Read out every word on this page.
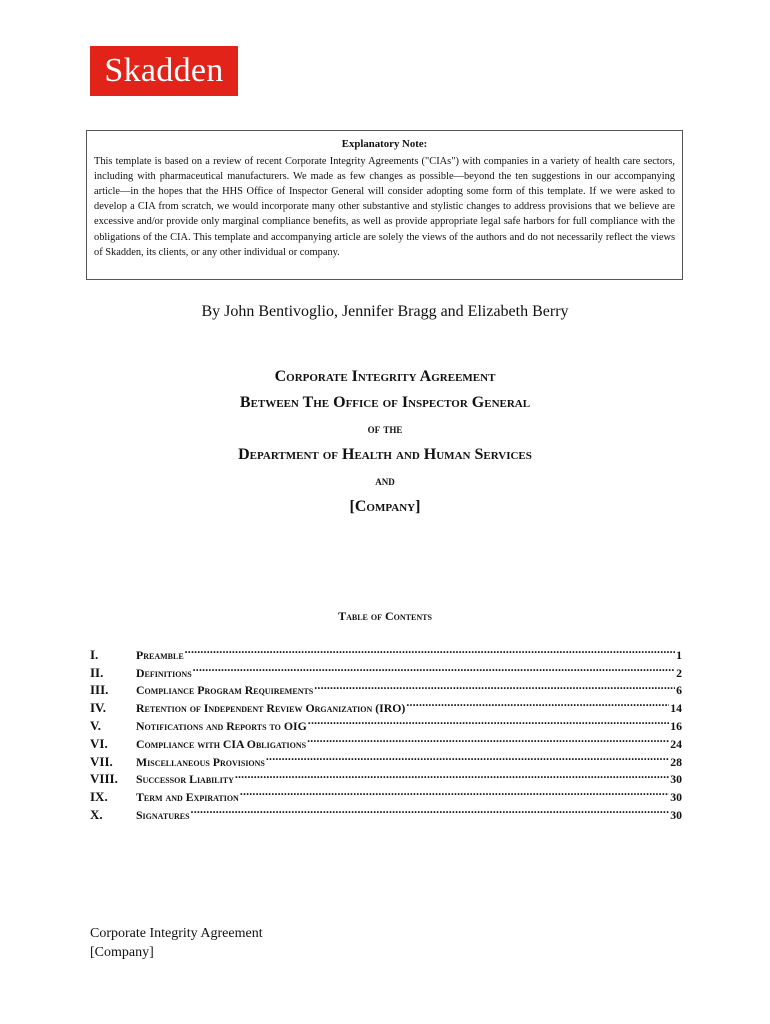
Skadden
Explanatory Note:
This template is based on a review of recent Corporate Integrity Agreements ("CIAs") with companies in a variety of health care sectors, including with pharmaceutical manufacturers. We made as few changes as possible—beyond the ten suggestions in our accompanying article—in the hopes that the HHS Office of Inspector General will consider adopting some form of this template. If we were asked to develop a CIA from scratch, we would incorporate many other substantive and stylistic changes to address provisions that we believe are excessive and/or provide only marginal compliance benefits, as well as provide appropriate legal safe harbors for full compliance with the obligations of the CIA. This template and accompanying article are solely the views of the authors and do not necessarily reflect the views of Skadden, its clients, or any other individual or company.
By John Bentivoglio, Jennifer Bragg and Elizabeth Berry
Corporate Integrity Agreement
Between The Office of Inspector General
of the
Department of Health and Human Services
and
[Company]
Table of Contents
I.	Preamble .....	1
II.	Definitions .....	2
III.	Compliance Program Requirements .....	6
IV.	Retention of Independent Review Organization (IRO) .....	14
V.	Notifications and Reports to OIG .....	16
VI.	Compliance with CIA Obligations .....	24
VII.	Miscellaneous Provisions .....	28
VIII.	Successor Liability .....	30
IX.	Term and Expiration .....	30
X.	Signatures .....	30
Corporate Integrity Agreement
[Company]
